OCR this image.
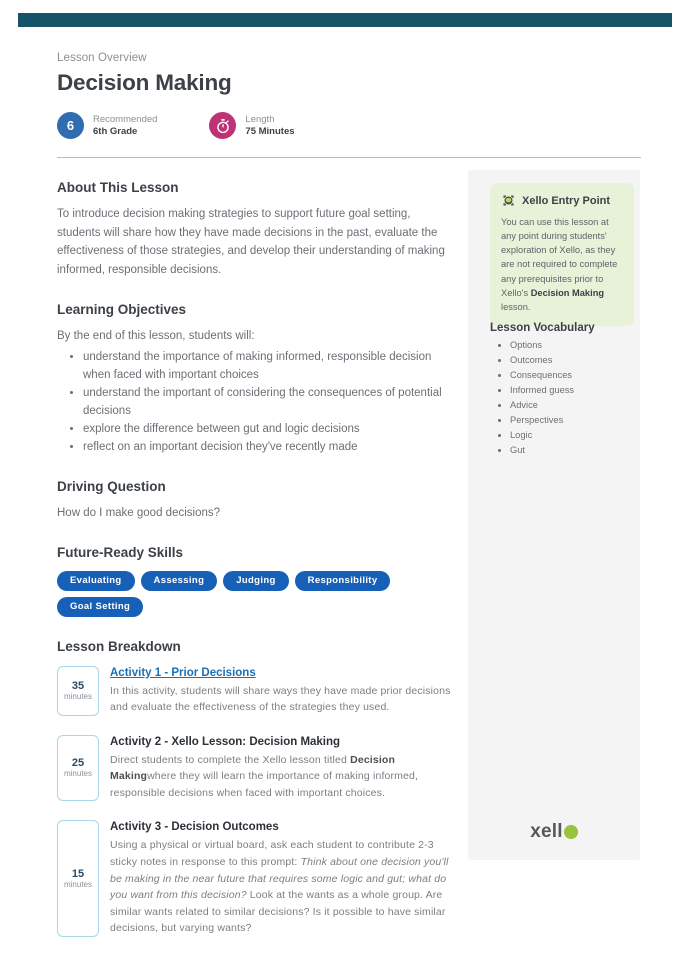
Lesson Overview
Decision Making
6	Recommended
6th Grade
Length
75 Minutes
About This Lesson

To introduce decision making strategies to support future goal setting, students will share how they have made decisions in the past, evaluate the effectiveness of those strategies, and develop their understanding of making informed, responsible decisions.

Learning Objectives

By the end of this lesson, students will:

• understand the importance of making informed, responsible decision when faced with important choices
• understand the important of considering the consequences of potential decisions
• explore the difference between gut and logic decisions
• reflect on an important decision they've recently made
Driving Question

How do I make good decisions?

Future-Ready Skills
Evaluating	Assessing	Judging	Responsibility
Goal Setting
Lesson Breakdown
35
minutes
Activity 1 - Prior Decisions

In this activity, students will share ways they have made prior decisions and evaluate the effectiveness of the strategies they used.

25
minutes
Activity 2 - Xello Lesson: Decision Making

Direct students to complete the Xello lesson titled Decision Makingwhere they will learn the importance of making informed, responsible decisions when faced with important choices.

15
minutes
Activity 3 - Decision Outcomes

Using a physical or virtual board, ask each student to contribute 2-3 sticky notes in response to this prompt: Think about one decision you'll be making in the near future that requires some logic and gut; what do you want from this decision? Look at the wants as a whole group. Are similar wants related to similar decisions? Is it possible to have similar decisions, but varying wants?

Xello Entry Point
You can use this lesson at any point during students' exploration of Xello, as they are not required to complete any prerequisites prior to Xello's Decision Making lesson.
Lesson Vocabulary
• Options
• Outcomes
• Consequences
• Informed guess
• Advice
• Perspectives
• Logic
• Gut
xell
